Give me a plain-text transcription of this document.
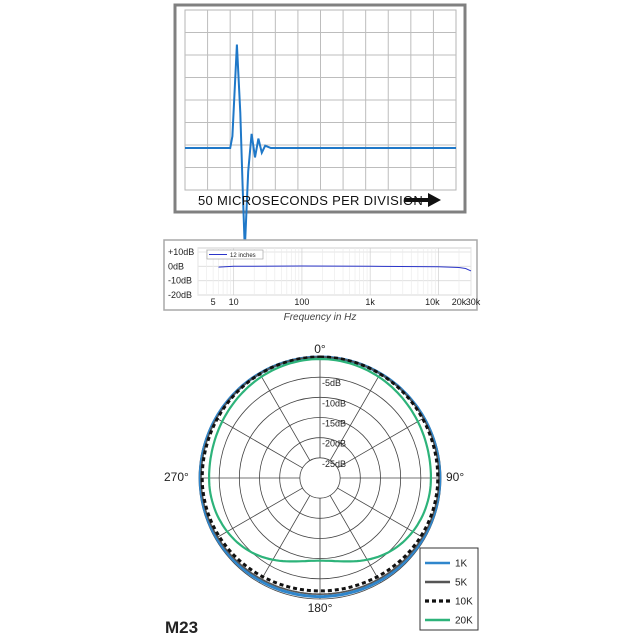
50 MICROSECONDS PER DIVISION
+10dB
0dB
-10dB
-20dB
5 10	100	1k	10k 20k 30k
12 inches
Frequency in Hz
-5dB
-10dB
-15dB
-20dB
-25dB
0°
90°
180°
270°
1K
5K
10K
20K
M23
